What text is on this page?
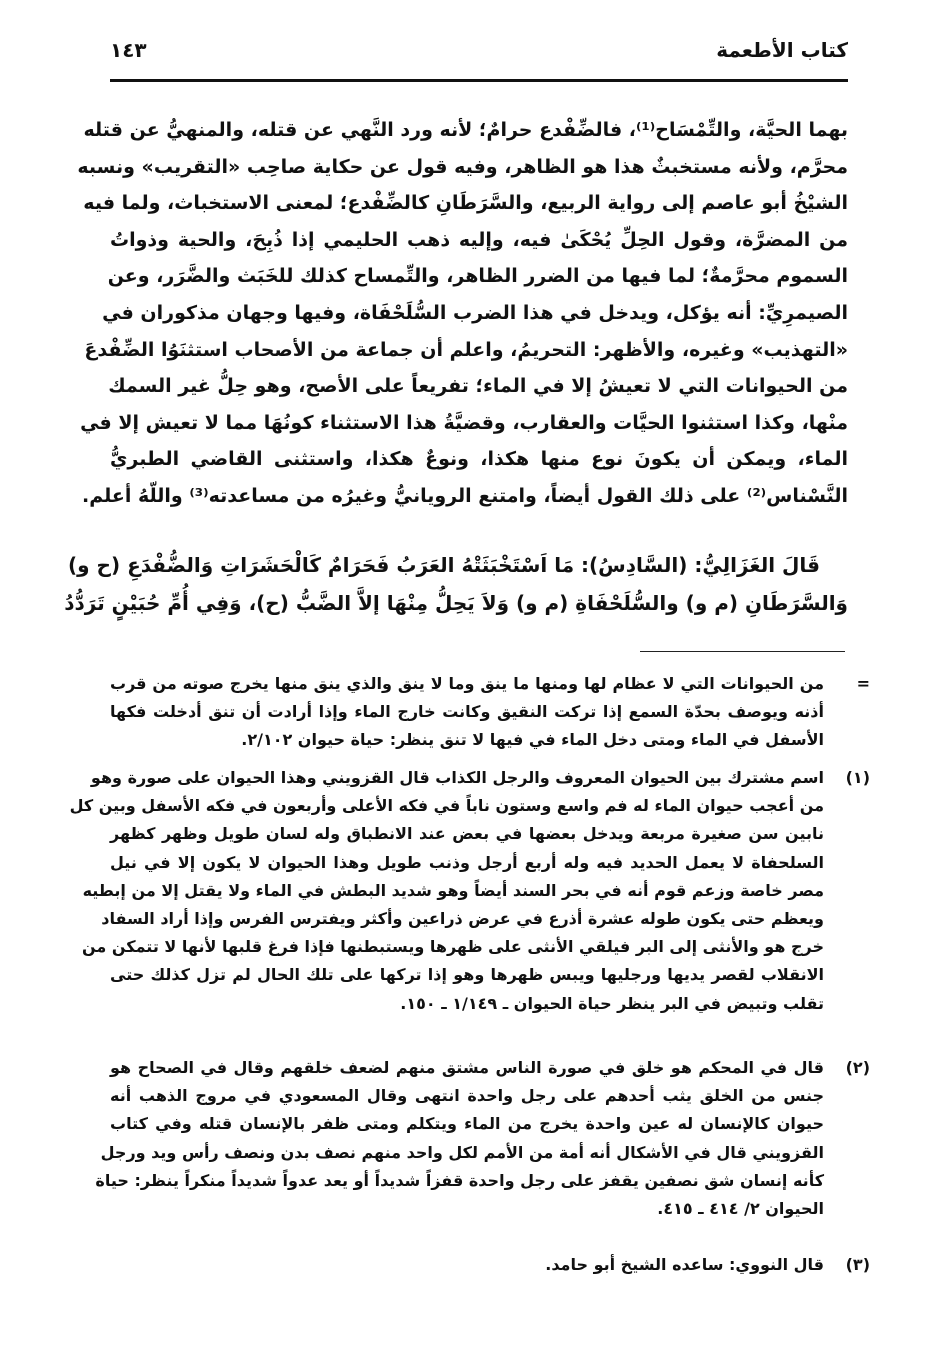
كتاب الأطعمة
١٤٣
بهما الحيَّة، والتِّمْسَاح⁽¹⁾، فالضِّفْدع حرامٌ؛ لأنه ورد النَّهي عن قتله، والمنهيُّ عن قتله
محرَّم، ولأنه مستخبثٌ هذا هو الظاهر، وفيه قول عن حكاية صاحِب «التقريب» ونسبه
الشيْخُ أبو عاصم إلى رواية الربيع، والسَّرَطَانِ كالضِّفْدع؛ لمعنى الاستخباث، ولما فيه
من المضرَّة، وقول الحِلِّ يُحْكَىٰ فيه، وإليه ذهب الحليمي إذا ذُبِحَ، والحية وذواتُ
السموم محرَّمةٌ؛ لما فيها من الضرر الظاهر، والتِّمساح كذلك للخَبَث والضَّرَر، وعن
الصيمرِيِّ: أنه يؤكل، ويدخل في هذا الضرب السُّلَحْفَاة، وفيها وجهان مذكوران في
«التهذيب» وغيره، والأظهر: التحريمُ، واعلم أن جماعة من الأصحاب استثنَوُا الضِّفْدعَ
من الحيوانات التي لا تعيشُ إلا في الماء؛ تفريعاً على الأصح، وهو حِلُّ غير السمك
منْها، وكذا استثنوا الحيَّات والعقارب، وقضيَّةُ هذا الاستثناء كونُهَا مما لا تعيش إلا في
الماء، ويمكن أن يكونَ نوع منها هكذا، ونوعٌ هكذا، واستثنى القاضي الطبريُّ
النَّسْناس⁽²⁾ على ذلك القول أيضاً، وامتنع الرويانيُّ وغيرُه من مساعدته⁽³⁾ واللّهُ أعلم.
قَالَ الغَزَالِيُّ: (السَّادِسُ): مَا اَسْتَخْبَثَتْهُ العَرَبُ فَحَرَامٌ كَالْحَشَرَاتِ وَالضُّفْدَعِ (ح و)
وَالسَّرَطَانِ (م و) والسُّلَحْفَاةِ (م و) وَلاَ يَحِلُّ مِنْهَا إلاَّ الضَّبُّ (ح)، وَفِي أُمِّ حُبَيْنٍ تَرَدُّدُ
=
من الحيوانات التي لا عظام لها ومنها ما ينق وما لا ينق والذي ينق منها يخرج صوته من قرب
أذنه ويوصف بحدّة السمع إذا تركت النقيق وكانت خارج الماء وإذا أرادت أن تنق أدخلت فكها
الأسفل في الماء ومتى دخل الماء في فيها لا تنق ينظر: حياة حيوان ٢/١٠٢.
(١)
اسم مشترك بين الحيوان المعروف والرجل الكذاب قال القزويني وهذا الحيوان على صورة وهو
من أعجب حيوان الماء له فم واسع وستون ناباً في فكه الأعلى وأربعون في فكه الأسفل وبين كل
نابين سن صغيرة مربعة ويدخل بعضها في بعض عند الانطباق وله لسان طويل وظهر كظهر
السلحفاة لا يعمل الحديد فيه وله أربع أرجل وذنب طويل وهذا الحيوان لا يكون إلا في نيل
مصر خاصة وزعم قوم أنه في بحر السند أيضاً وهو شديد البطش في الماء ولا يقتل إلا من إبطيه
ويعظم حتى يكون طوله عشرة أذرع في عرض ذراعين وأكثر ويفترس الفرس وإذا أراد السفاد
خرج هو والأنثى إلى البر فيلقي الأنثى على ظهرها ويستبطنها فإذا فرغ قلبها لأنها لا تتمكن من
الانقلاب لقصر يديها ورجليها ويبس ظهرها وهو إذا تركها على تلك الحال لم تزل كذلك حتى
تقلب وتبيض في البر ينظر حياة الحيوان ـ ١/١٤٩ ـ ١٥٠.
(٢)
قال في المحكم هو خلق في صورة الناس مشتق منهم لضعف خلقهم وقال في الصحاح هو
جنس من الخلق يثب أحدهم على رجل واحدة انتهى وقال المسعودي في مروج الذهب أنه
حيوان كالإنسان له عين واحدة يخرج من الماء ويتكلم ومتى ظفر بالإنسان قتله وفي كتاب
القزويني قال في الأشكال أنه أمة من الأمم لكل واحد منهم نصف بدن ونصف رأس ويد ورجل
كأنه إنسان شق نصفين يقفز على رجل واحدة قفزاً شديداً أو يعد عدواً شديداً منكراً ينظر: حياة
الحيوان ٢/ ٤١٤ ـ ٤١٥.
(٣)
قال النووي: ساعده الشيخ أبو حامد.
